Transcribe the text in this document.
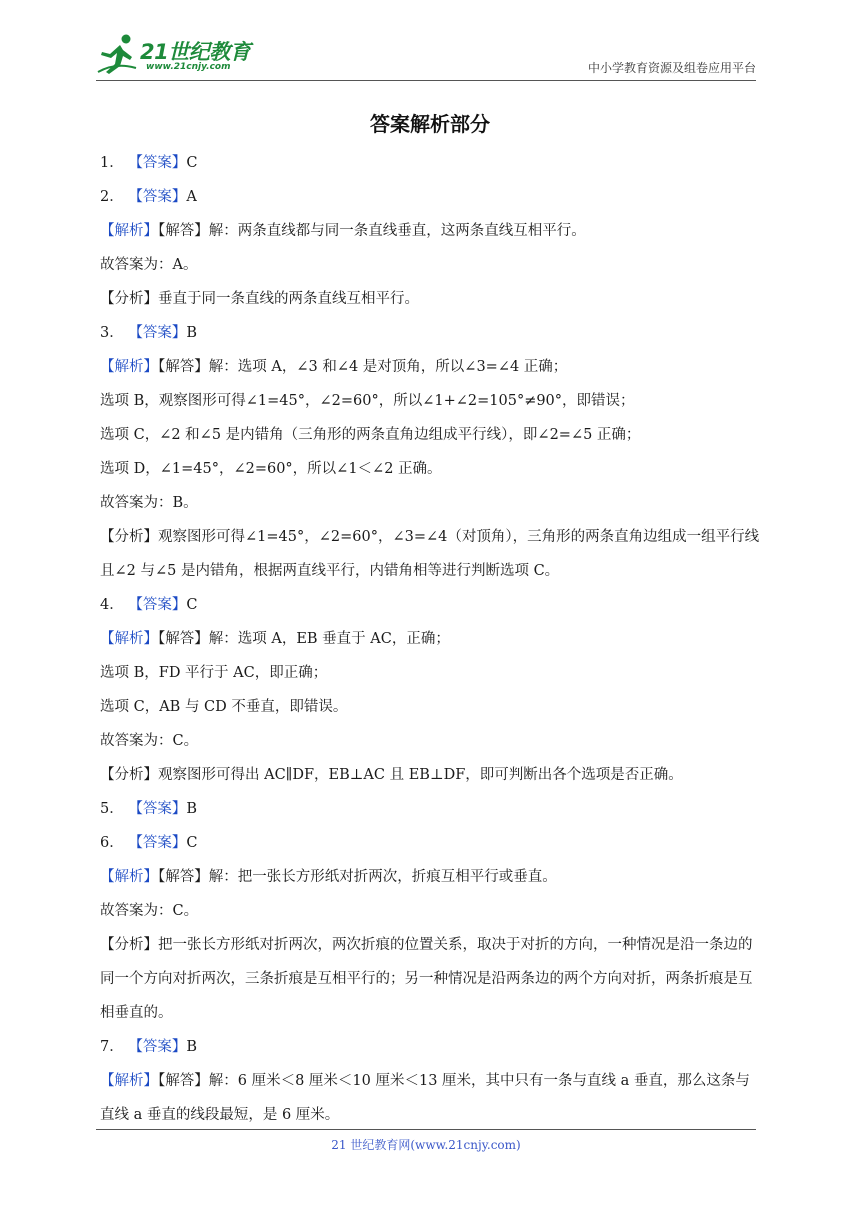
21世纪教育
www.21cnjy.com	中小学教育资源及组卷应用平台
答案解析部分
1． 【答案】C
2． 【答案】A
【解析】【解答】解：两条直线都与同一条直线垂直，这两条直线互相平行。
故答案为：A。
【分析】垂直于同一条直线的两条直线互相平行。
3． 【答案】B
【解析】【解答】解：选项 A，∠3 和∠4 是对顶角，所以∠3=∠4 正确；
选项 B，观察图形可得∠1=45°，∠2=60°，所以∠1+∠2=105°≠90°，即错误；
选项 C，∠2 和∠5 是内错角（三角形的两条直角边组成平行线），即∠2=∠5 正确；
选项 D，∠1=45°，∠2=60°，所以∠1＜∠2 正确。
故答案为：B。
【分析】观察图形可得∠1=45°，∠2=60°，∠3=∠4（对顶角），三角形的两条直角边组成一组平行线且∠2 与∠5 是内错角，根据两直线平行，内错角相等进行判断选项 C。
4． 【答案】C
【解析】【解答】解：选项 A，EB 垂直于 AC，正确；
选项 B，FD 平行于 AC，即正确；
选项 C，AB 与 CD 不垂直，即错误。
故答案为：C。
【分析】观察图形可得出 AC∥DF，EB⊥AC 且 EB⊥DF，即可判断出各个选项是否正确。
5． 【答案】B
6． 【答案】C
【解析】【解答】解：把一张长方形纸对折两次，折痕互相平行或垂直。
故答案为：C。
【分析】把一张长方形纸对折两次，两次折痕的位置关系，取决于对折的方向，一种情况是沿一条边的同一个方向对折两次，三条折痕是互相平行的；另一种情况是沿两条边的两个方向对折，两条折痕是互相垂直的。
7． 【答案】B
【解析】【解答】解：6 厘米＜8 厘米＜10 厘米＜13 厘米，其中只有一条与直线 a 垂直，那么这条与直线 a 垂直的线段最短，是 6 厘米。
21 世纪教育网(www.21cnjy.com)
